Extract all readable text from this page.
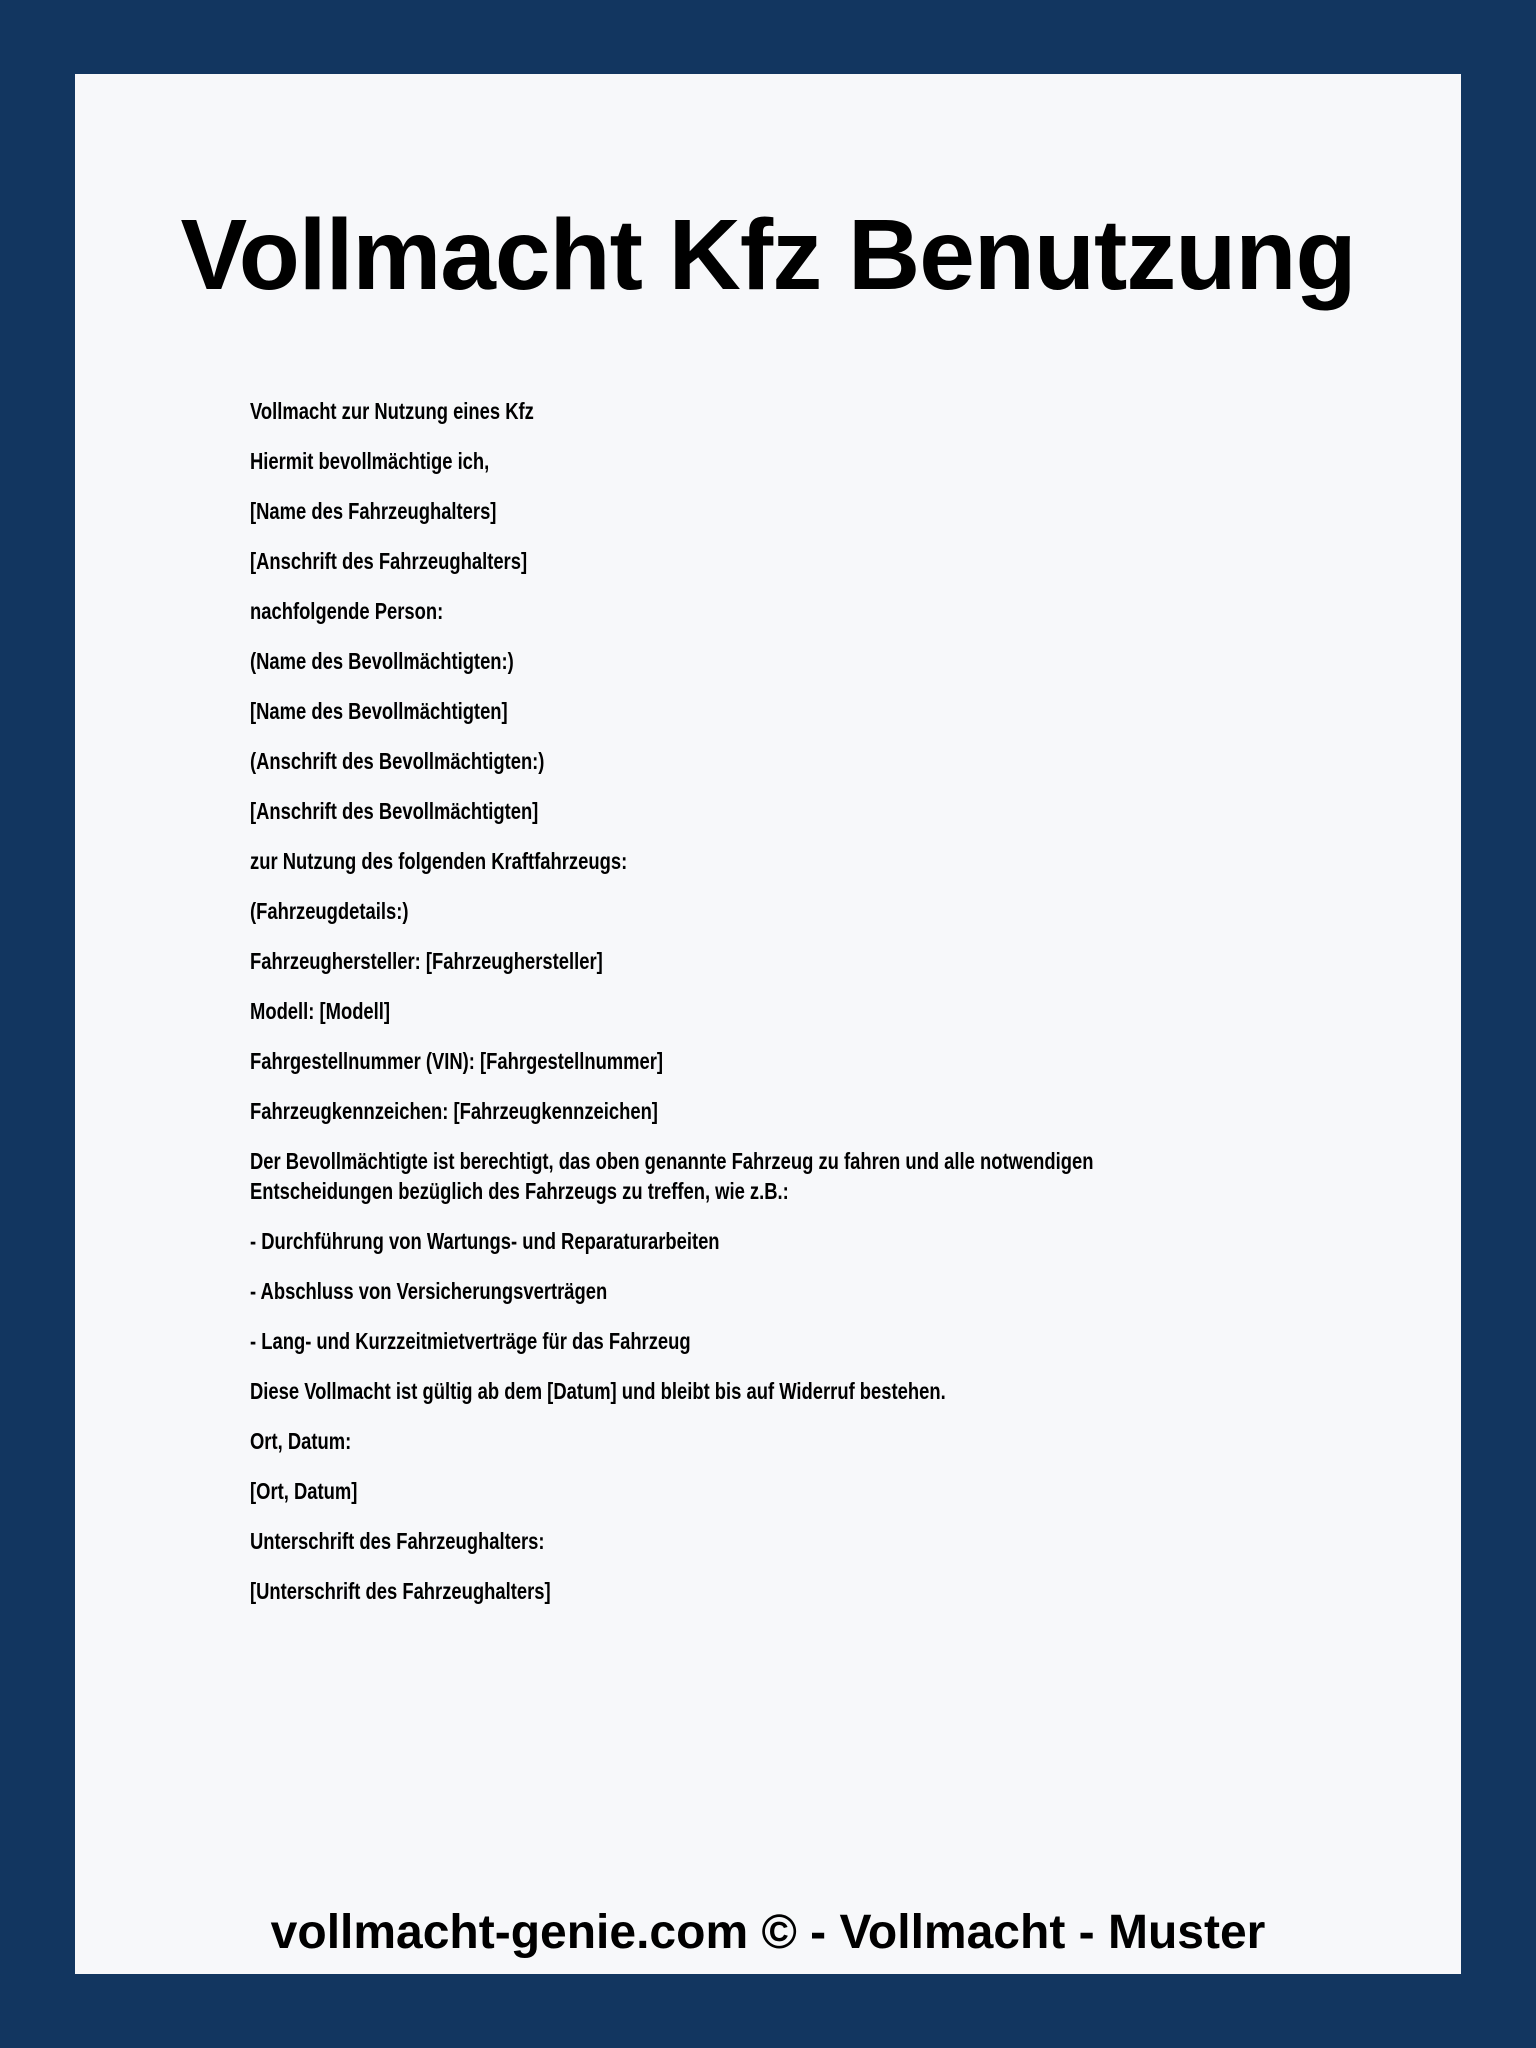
Vollmacht Kfz Benutzung
Vollmacht zur Nutzung eines Kfz
Hiermit bevollmächtige ich,
[Name des Fahrzeughalters]
[Anschrift des Fahrzeughalters]
nachfolgende Person:
(Name des Bevollmächtigten:)
[Name des Bevollmächtigten]
(Anschrift des Bevollmächtigten:)
[Anschrift des Bevollmächtigten]
zur Nutzung des folgenden Kraftfahrzeugs:
(Fahrzeugdetails:)
Fahrzeughersteller: [Fahrzeughersteller]
Modell: [Modell]
Fahrgestellnummer (VIN): [Fahrgestellnummer]
Fahrzeugkennzeichen: [Fahrzeugkennzeichen]
Der Bevollmächtigte ist berechtigt, das oben genannte Fahrzeug zu fahren und alle notwendigen
Entscheidungen bezüglich des Fahrzeugs zu treffen, wie z.B.:
- Durchführung von Wartungs- und Reparaturarbeiten
- Abschluss von Versicherungsverträgen
- Lang- und Kurzzeitmietverträge für das Fahrzeug
Diese Vollmacht ist gültig ab dem [Datum] und bleibt bis auf Widerruf bestehen.
Ort, Datum:
[Ort, Datum]
Unterschrift des Fahrzeughalters:
[Unterschrift des Fahrzeughalters]
vollmacht-genie.com © - Vollmacht - Muster
